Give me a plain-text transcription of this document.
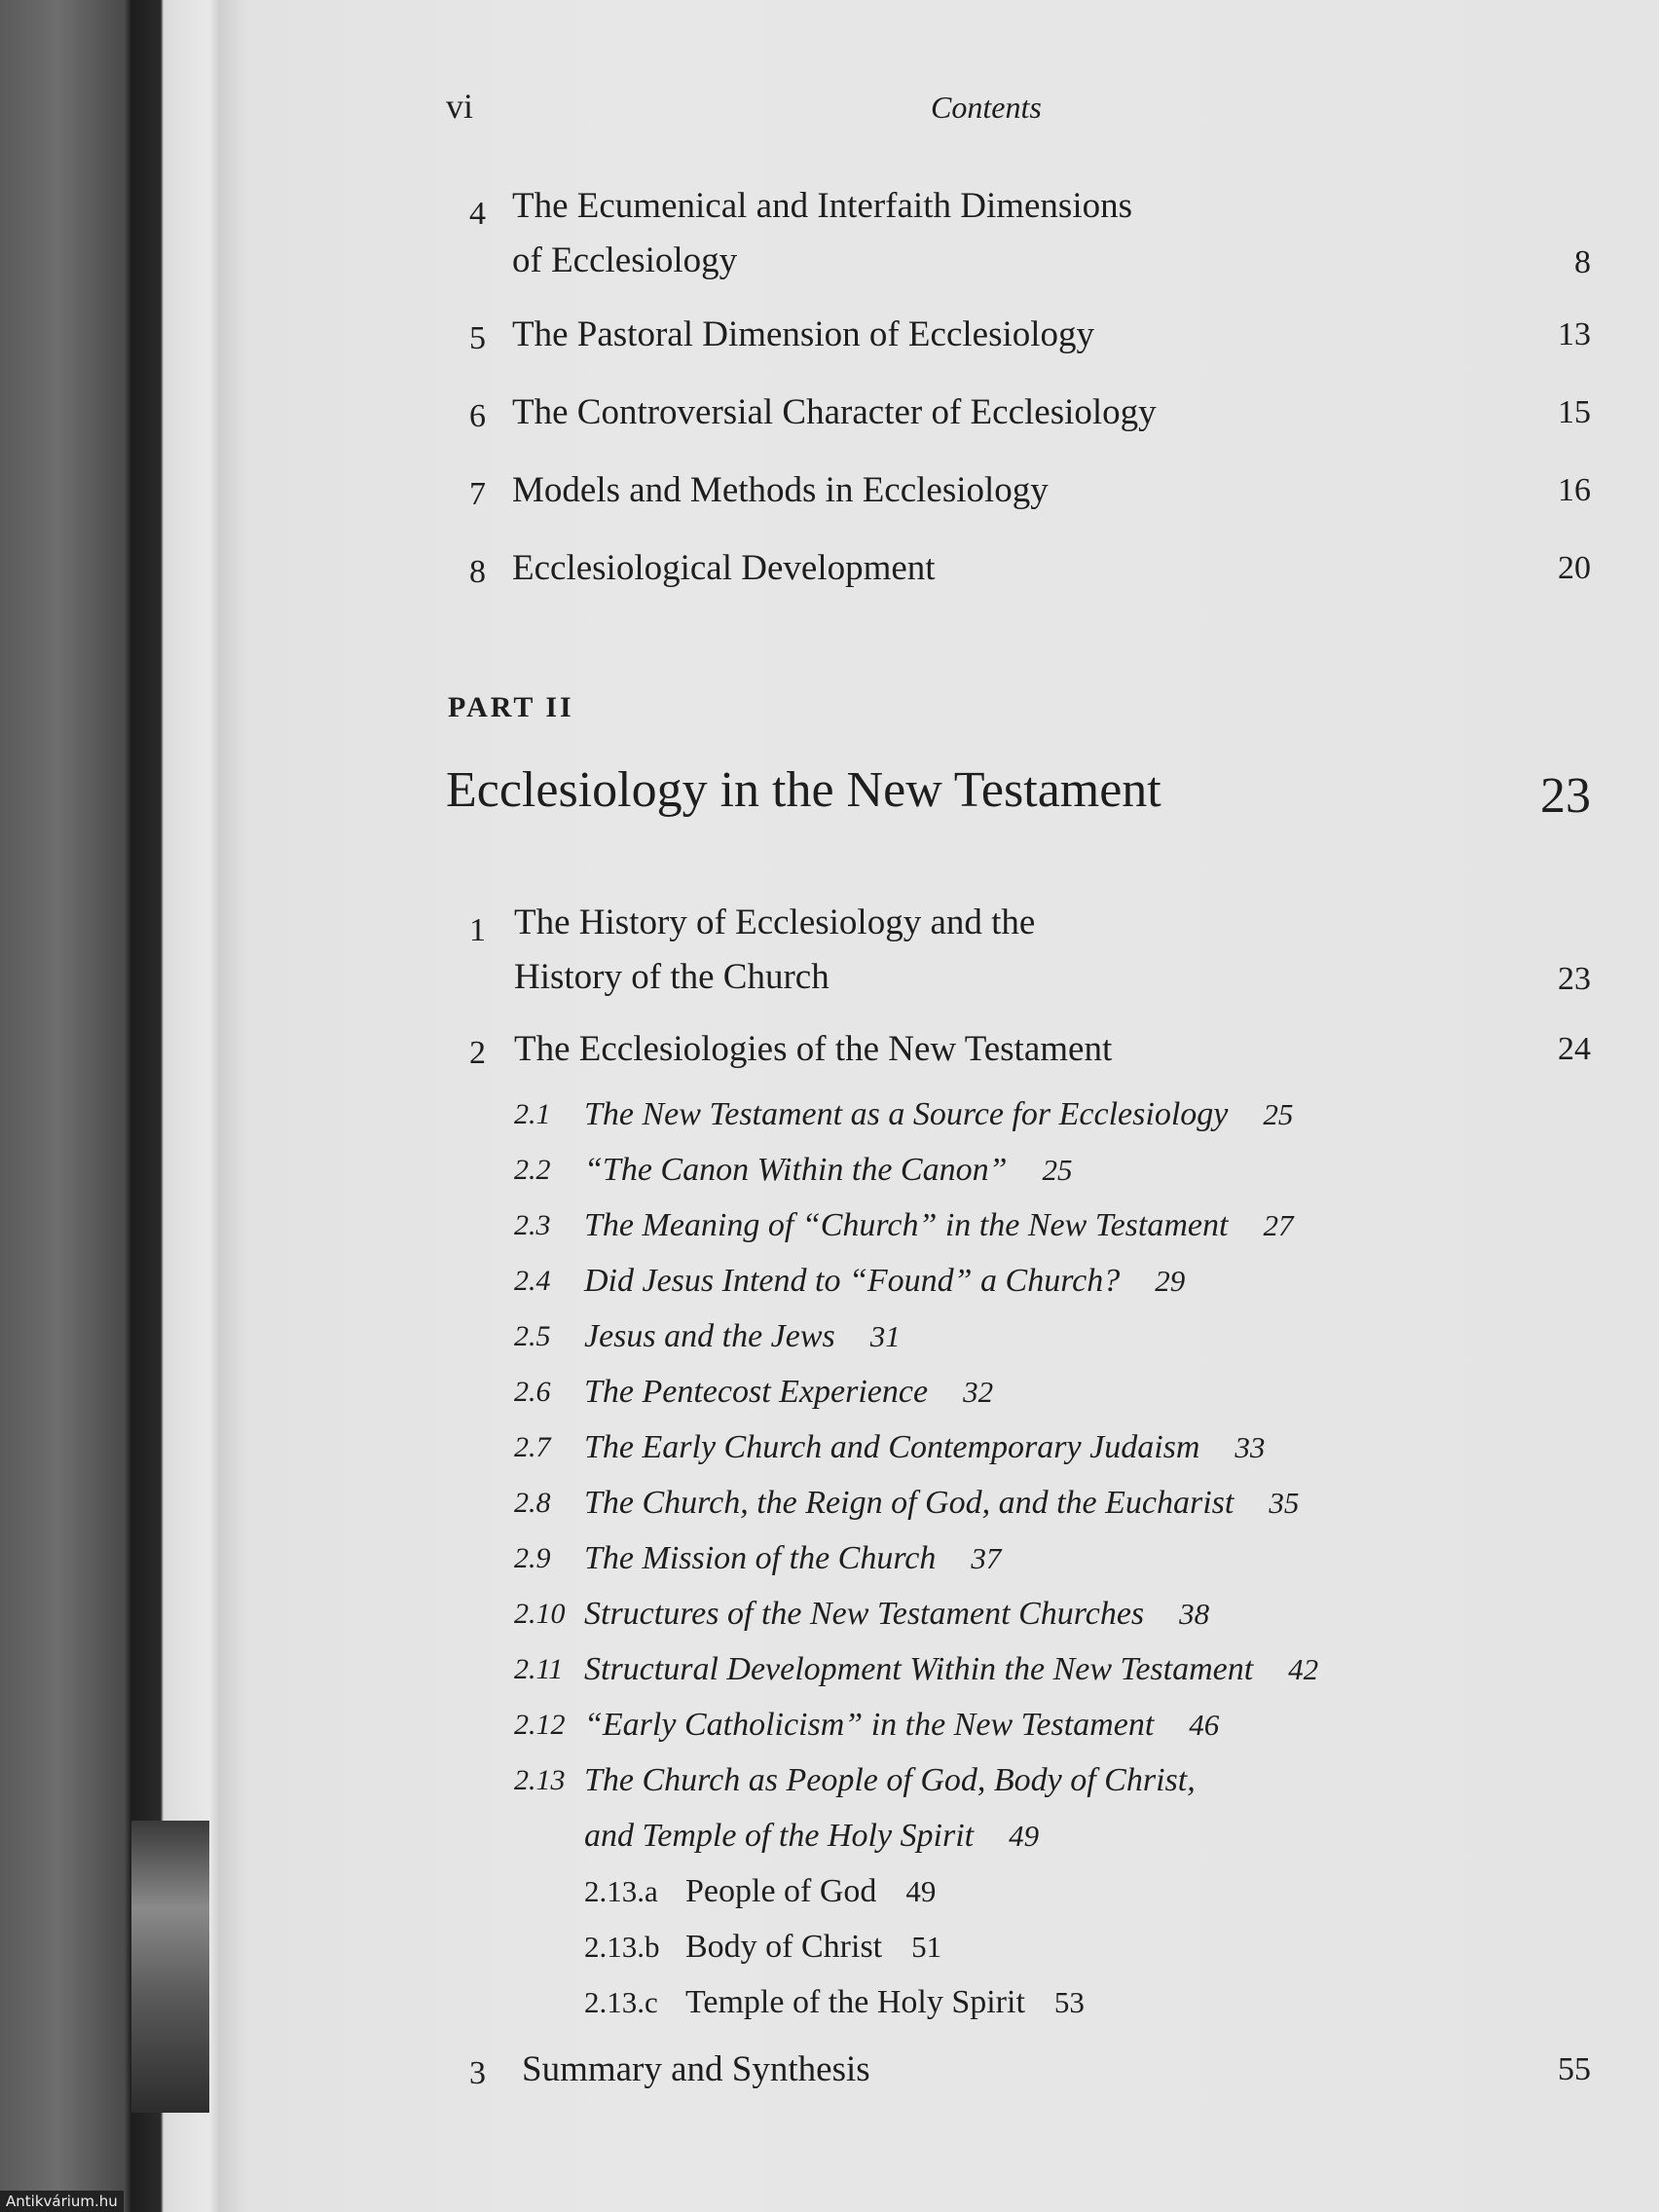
Antikvárium.hu
vi	Contents
4 The Ecumenical and Interfaith Dimensions
of Ecclesiology	8
5 The Pastoral Dimension of Ecclesiology	13
6 The Controversial Character of Ecclesiology	15
7 Models and Methods in Ecclesiology	16
8 Ecclesiological Development	20
PART II
Ecclesiology in the New Testament	23
1 The History of Ecclesiology and the
History of the Church	23
2 The Ecclesiologies of the New Testament	24
2.1 The New Testament as a Source for Ecclesiology 25
2.2 “The Canon Within the Canon” 25
2.3 The Meaning of “Church” in the New Testament 27
2.4 Did Jesus Intend to “Found” a Church? 29
2.5 Jesus and the Jews 31
2.6 The Pentecost Experience 32
2.7 The Early Church and Contemporary Judaism 33
2.8 The Church, the Reign of God, and the Eucharist 35
2.9 The Mission of the Church 37
2.10 Structures of the New Testament Churches 38
2.11 Structural Development Within the New Testament 42
2.12 “Early Catholicism” in the New Testament 46
2.13 The Church as People of God, Body of Christ,
and Temple of the Holy Spirit 49
2.13.a People of God 49
2.13.b Body of Christ 51
2.13.c Temple of the Holy Spirit 53
3 Summary and Synthesis	55
